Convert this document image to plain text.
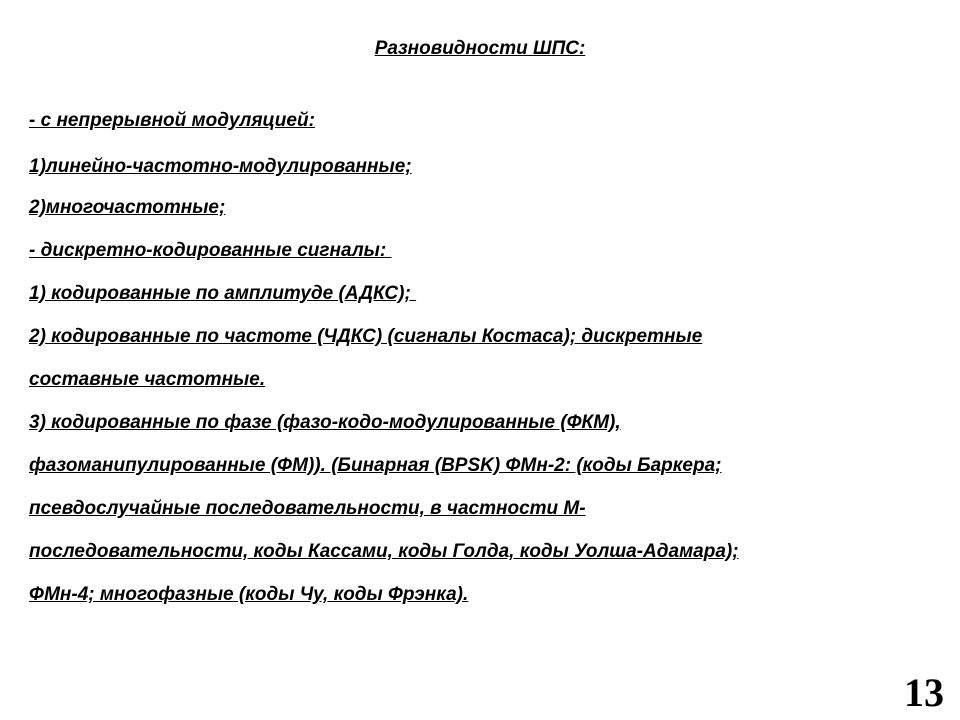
Разновидности ШПС:
- с непрерывной модуляцией:
1)линейно-частотно-модулированные;
2)многочастотные;
- дискретно-кодированные сигналы:
1) кодированные по амплитуде (АДКС);
2) кодированные по частоте (ЧДКС) (сигналы Костаса); дискретные
составные частотные.
3) кодированные по фазе (фазо-кодо-модулированные (ФКМ),
фазоманипулированные (ФМ)). (Бинарная (BPSK) ФМн-2: (коды Баркера;
псевдослучайные последовательности, в частности М-
последовательности, коды Кассами, коды Голда, коды Уолша-Адамара);
ФМн-4; многофазные (коды Чу, коды Фрэнка).
13
